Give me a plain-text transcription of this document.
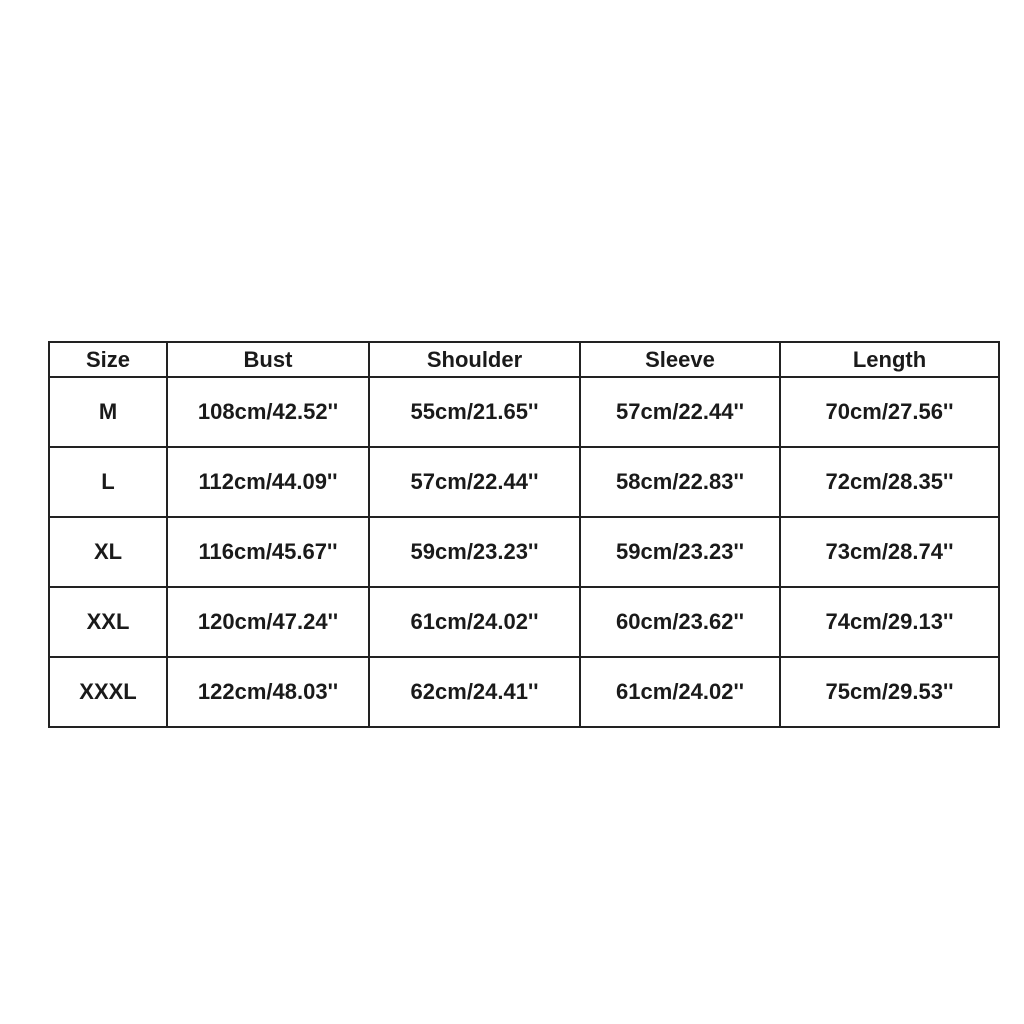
Size	Bust	Shoulder	Sleeve	Length
M	108cm/42.52''	55cm/21.65''	57cm/22.44''	70cm/27.56''
L	112cm/44.09''	57cm/22.44''	58cm/22.83''	72cm/28.35''
XL	116cm/45.67''	59cm/23.23''	59cm/23.23''	73cm/28.74''
XXL	120cm/47.24''	61cm/24.02''	60cm/23.62''	74cm/29.13''
XXXL	122cm/48.03''	62cm/24.41''	61cm/24.02''	75cm/29.53''
